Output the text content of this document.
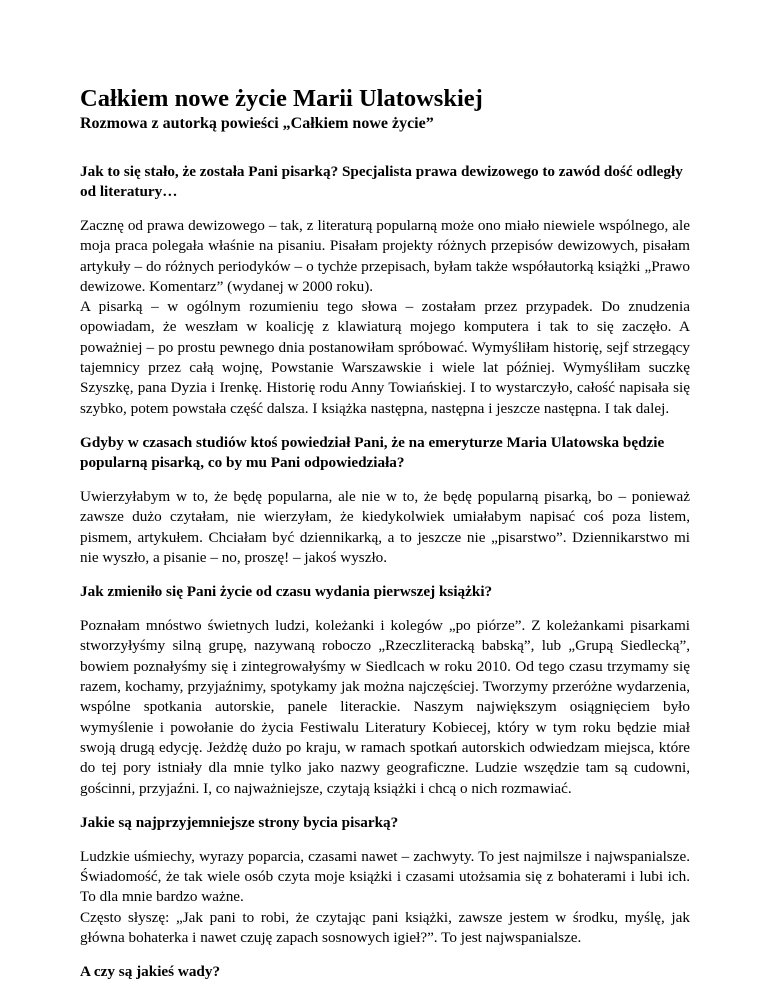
Całkiem nowe życie Marii Ulatowskiej
Rozmowa z autorką powieści „Całkiem nowe życie”
Jak to się stało, że została Pani pisarką? Specjalista prawa dewizowego to zawód dość odległy od literatury…

Zacznę od prawa dewizowego – tak, z literaturą popularną może ono miało niewiele wspólnego, ale moja praca polegała właśnie na pisaniu. Pisałam projekty różnych przepisów dewizowych, pisałam artykuły – do różnych periodyków – o tychże przepisach, byłam także współautorką książki „Prawo dewizowe. Komentarz” (wydanej w 2000 roku).

A pisarką – w ogólnym rozumieniu tego słowa – zostałam przez przypadek. Do znudzenia opowiadam, że weszłam w koalicję z klawiaturą mojego komputera i tak to się zaczęło. A poważniej – po prostu pewnego dnia postanowiłam spróbować. Wymyśliłam historię, sejf strzegący tajemnicy przez całą wojnę, Powstanie Warszawskie i wiele lat później. Wymyśliłam suczkę Szyszkę, pana Dyzia i Irenkę. Historię rodu Anny Towiańskiej. I to wystarczyło, całość napisała się szybko, potem powstała część dalsza. I książka następna, następna i jeszcze następna. I tak dalej.

Gdyby w czasach studiów ktoś powiedział Pani, że na emeryturze Maria Ulatowska będzie popularną pisarką, co by mu Pani odpowiedziała?

Uwierzyłabym w to, że będę popularna, ale nie w to, że będę popularną pisarką, bo – ponieważ zawsze dużo czytałam, nie wierzyłam, że kiedykolwiek umiałabym napisać coś poza listem, pismem, artykułem. Chciałam być dziennikarką, a to jeszcze nie „pisarstwo”. Dziennikarstwo mi nie wyszło, a pisanie – no, proszę! – jakoś wyszło.

Jak zmieniło się Pani życie od czasu wydania pierwszej książki?

Poznałam mnóstwo świetnych ludzi, koleżanki i kolegów „po piórze”. Z koleżankami pisarkami stworzyłyśmy silną grupę, nazywaną roboczo „Rzeczliteracką babską”, lub „Grupą Siedlecką”, bowiem poznałyśmy się i zintegrowałyśmy w Siedlcach w roku 2010. Od tego czasu trzymamy się razem, kochamy, przyjaźnimy, spotykamy jak można najczęściej. Tworzymy przeróżne wydarzenia, wspólne spotkania autorskie, panele literackie. Naszym największym osiągnięciem było wymyślenie i powołanie do życia Festiwalu Literatury Kobiecej, który w tym roku będzie miał swoją drugą edycję. Jeżdżę dużo po kraju, w ramach spotkań autorskich odwiedzam miejsca, które do tej pory istniały dla mnie tylko jako nazwy geograficzne. Ludzie wszędzie tam są cudowni, gościnni, przyjaźni. I, co najważniejsze, czytają książki i chcą o nich rozmawiać.

Jakie są najprzyjemniejsze strony bycia pisarką?

Ludzkie uśmiechy, wyrazy poparcia, czasami nawet – zachwyty. To jest najmilsze i najwspanialsze. Świadomość, że tak wiele osób czyta moje książki i czasami utożsamia się z bohaterami i lubi ich. To dla mnie bardzo ważne.

Często słyszę: „Jak pani to robi, że czytając pani książki, zawsze jestem w środku, myślę, jak główna bohaterka i nawet czuję zapach sosnowych igieł?”. To jest najwspanialsze.

A czy są jakieś wady?
